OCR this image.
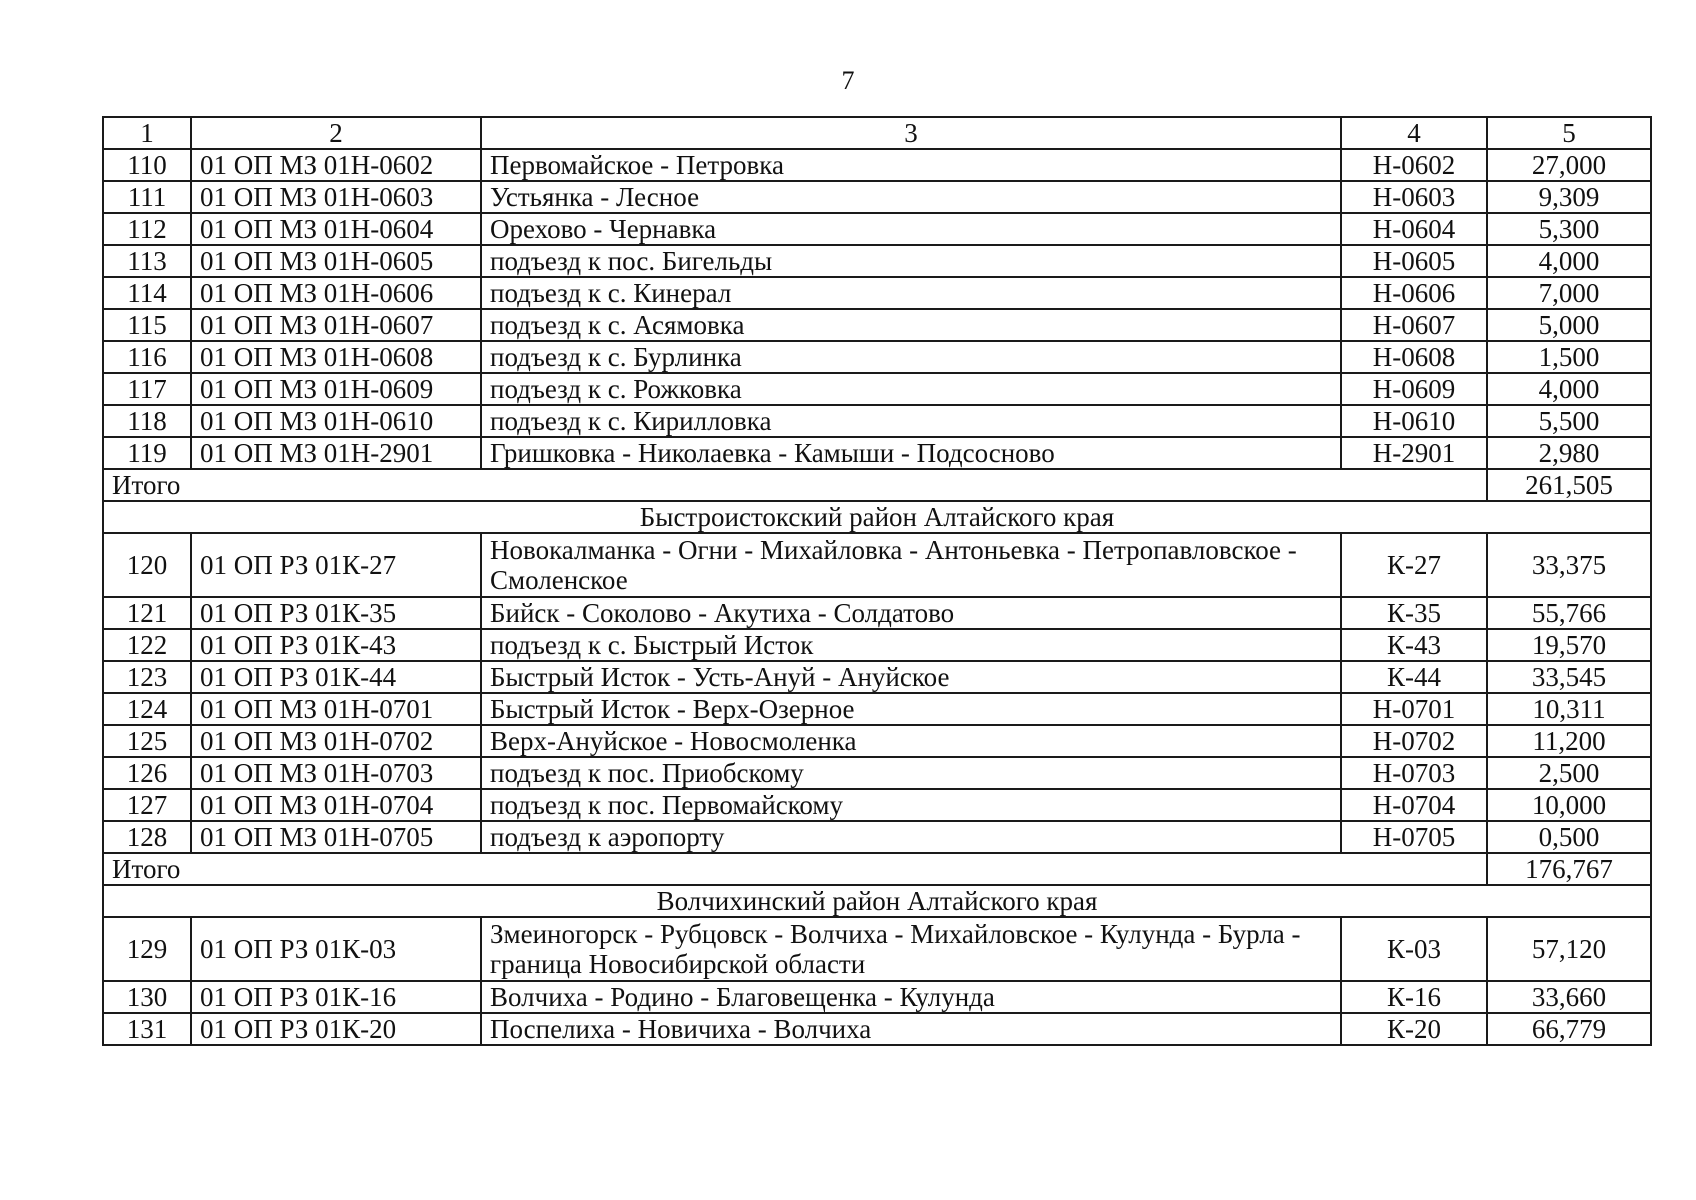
7
1	2	3	4	5
110	01 ОП МЗ 01Н-0602	Первомайское - Петровка	Н-0602	27,000
111	01 ОП МЗ 01Н-0603	Устьянка - Лесное	Н-0603	9,309
112	01 ОП МЗ 01Н-0604	Орехово - Чернавка	Н-0604	5,300
113	01 ОП МЗ 01Н-0605	подъезд к пос. Бигельды	Н-0605	4,000
114	01 ОП МЗ 01Н-0606	подъезд к с. Кинерал	Н-0606	7,000
115	01 ОП МЗ 01Н-0607	подъезд к с. Асямовка	Н-0607	5,000
116	01 ОП МЗ 01Н-0608	подъезд к с. Бурлинка	Н-0608	1,500
117	01 ОП МЗ 01Н-0609	подъезд к с. Рожковка	Н-0609	4,000
118	01 ОП МЗ 01Н-0610	подъезд к с. Кирилловка	Н-0610	5,500
119	01 ОП МЗ 01Н-2901	Гришковка - Николаевка - Камыши - Подсосново	Н-2901	2,980
Итого				261,505
Быстроистокский район Алтайского края				
120	01 ОП РЗ 01К-27	Новокалманка - Огни - Михайловка - Антоньевка - Петропавловское - Смоленское	К-27	33,375
121	01 ОП РЗ 01К-35	Бийск - Соколово - Акутиха - Солдатово	К-35	55,766
122	01 ОП РЗ 01К-43	подъезд к с. Быстрый Исток	К-43	19,570
123	01 ОП РЗ 01К-44	Быстрый Исток - Усть-Ануй - Ануйское	К-44	33,545
124	01 ОП МЗ 01Н-0701	Быстрый Исток - Верх-Озерное	Н-0701	10,311
125	01 ОП МЗ 01Н-0702	Верх-Ануйское - Новосмоленка	Н-0702	11,200
126	01 ОП МЗ 01Н-0703	подъезд к пос. Приобскому	Н-0703	2,500
127	01 ОП МЗ 01Н-0704	подъезд к пос. Первомайскому	Н-0704	10,000
128	01 ОП МЗ 01Н-0705	подъезд к аэропорту	Н-0705	0,500
Итого				176,767
Волчихинский район Алтайского края				
129	01 ОП РЗ 01К-03	Змеиногорск - Рубцовск - Волчиха - Михайловское - Кулунда - Бурла - граница Новосибирской области	К-03	57,120
130	01 ОП РЗ 01К-16	Волчиха - Родино - Благовещенка - Кулунда	К-16	33,660
131	01 ОП РЗ 01К-20	Поспелиха - Новичиха - Волчиха	К-20	66,779
